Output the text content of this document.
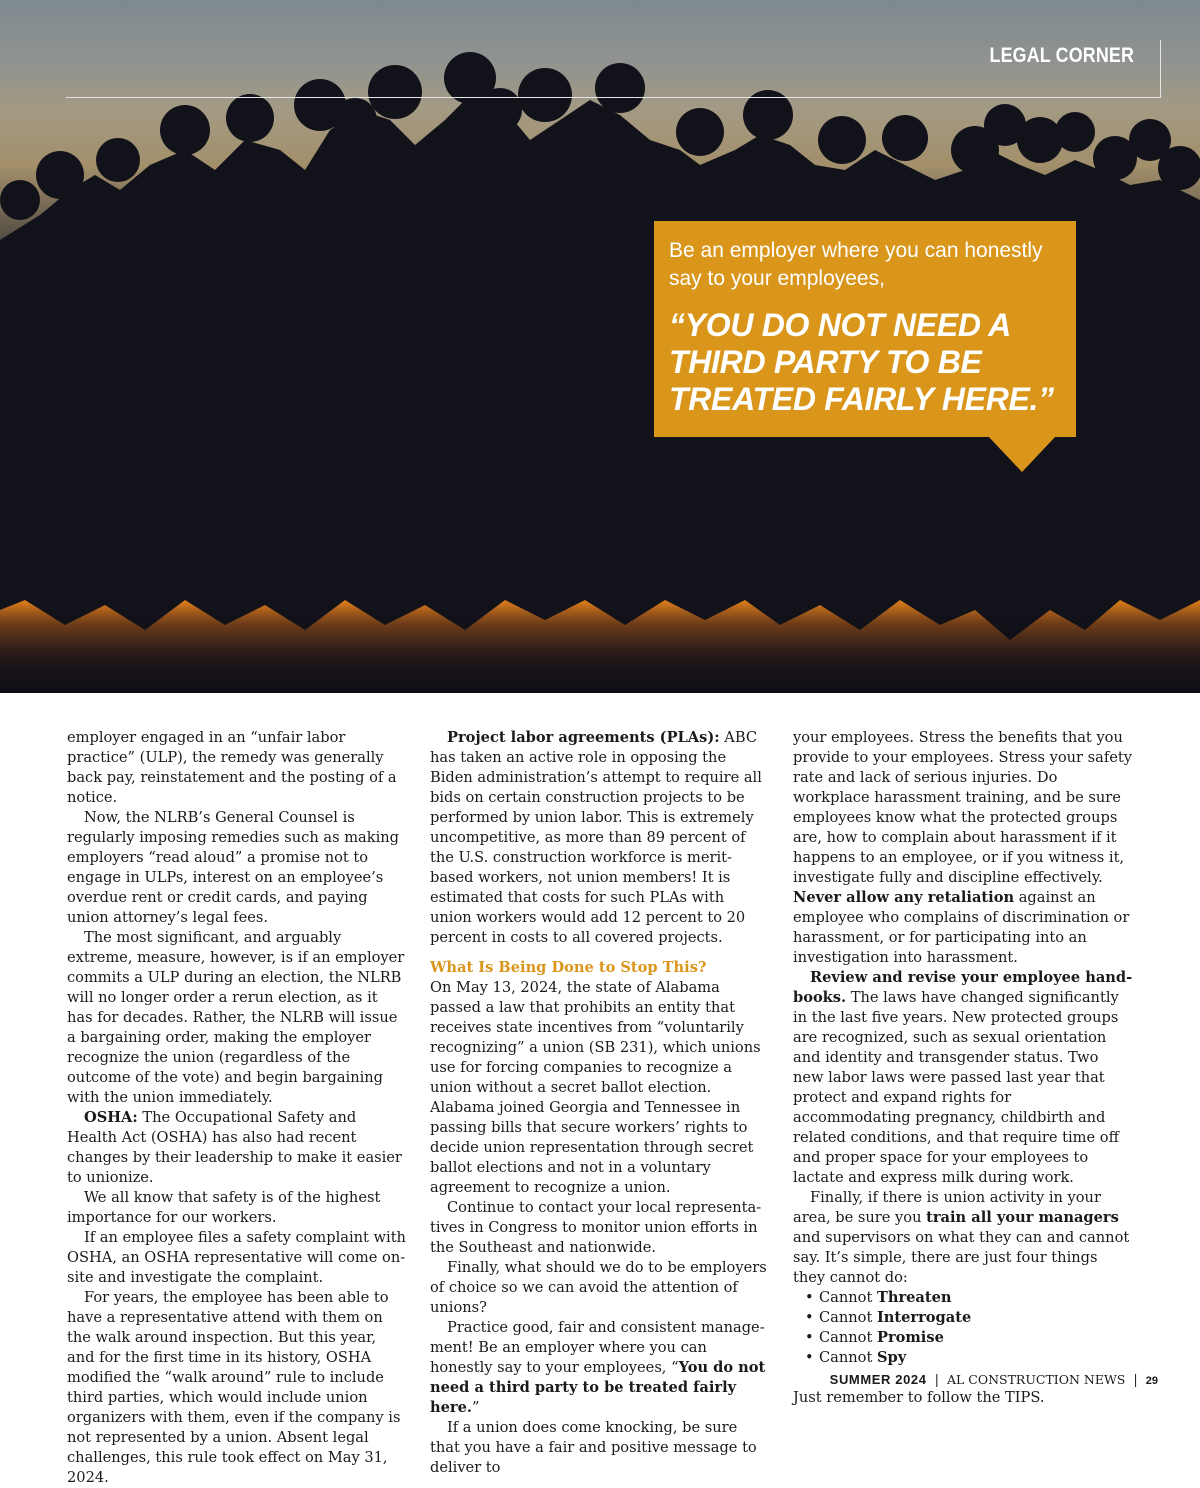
LEGAL CORNER
Be an employer where you can honestly say to your employees,
“YOU DO NOT NEED A THIRD PARTY TO BE TREATED FAIRLY HERE.”

employer engaged in an “unfair labor practice” (ULP), the remedy was generally back pay, reinstatement and the posting of a notice.

Now, the NLRB’s General Counsel is regularly imposing remedies such as making employers “read aloud” a promise not to engage in ULPs, interest on an employee’s overdue rent or credit cards, and paying union attorney’s legal fees.

The most significant, and arguably extreme, measure, however, is if an employer commits a ULP during an election, the NLRB will no longer order a rerun election, as it has for decades. Rather, the NLRB will issue a bargaining order, making the employer recognize the union (regardless of the outcome of the vote) and begin bargaining with the union immediately.

OSHA: The Occupational Safety and Health Act (OSHA) has also had recent changes by their leadership to make it easier to unionize.

We all know that safety is of the highest importance for our workers.

If an employee files a safety complaint with OSHA, an OSHA representative will come on-site and investigate the complaint.

For years, the employee has been able to have a representative attend with them on the walk around inspection. But this year, and for the first time in its history, OSHA modified the “walk around” rule to include third parties, which would include union organizers with them, even if the company is not represented by a union. Absent legal challenges, this rule took effect on May 31, 2024.

Project labor agreements (PLAs): ABC has taken an active role in opposing the Biden administration’s attempt to require all bids on certain construction projects to be performed by union labor. This is extremely uncompetitive, as more than 89 percent of the U.S. construction workforce is merit-based workers, not union members! It is estimated that costs for such PLAs with union workers would add 12 percent to 20 percent in costs to all covered projects.

What Is Being Done to Stop This?

On May 13, 2024, the state of Alabama passed a law that prohibits an entity that receives state incentives from “voluntarily recognizing” a union (SB 231), which unions use for forcing companies to recognize a union without a secret ballot election. Alabama joined Georgia and Tennessee in passing bills that secure workers’ rights to decide union representation through secret ballot elections and not in a voluntary agreement to recognize a union.

Continue to contact your local representatives in Congress to monitor union efforts in the Southeast and nationwide.

Finally, what should we do to be employers of choice so we can avoid the attention of unions?

Practice good, fair and consistent management! Be an employer where you can honestly say to your employees, “You do not need a third party to be treated fairly here.”

If a union does come knocking, be sure that you have a fair and positive message to deliver to

your employees. Stress the benefits that you provide to your employees. Stress your safety rate and lack of serious injuries. Do workplace harassment training, and be sure employees know what the protected groups are, how to complain about harassment if it happens to an employee, or if you witness it, investigate fully and discipline effectively. Never allow any retaliation against an employee who complains of discrimination or harassment, or for participating into an investigation into harassment.

Review and revise your employee handbooks. The laws have changed significantly in the last five years. New protected groups are recognized, such as sexual orientation and identity and transgender status. Two new labor laws were passed last year that protect and expand rights for accommodating pregnancy, childbirth and related conditions, and that require time off and proper space for your employees to lactate and express milk during work.

Finally, if there is union activity in your area, be sure you train all your managers and supervisors on what they can and cannot say. It’s simple, there are just four things they cannot do:

• Cannot Threaten
• Cannot Interrogate
• Cannot Promise
• Cannot Spy

Just remember to follow the TIPS.

SUMMER 2024 | AL CONSTRUCTION NEWS | 29
